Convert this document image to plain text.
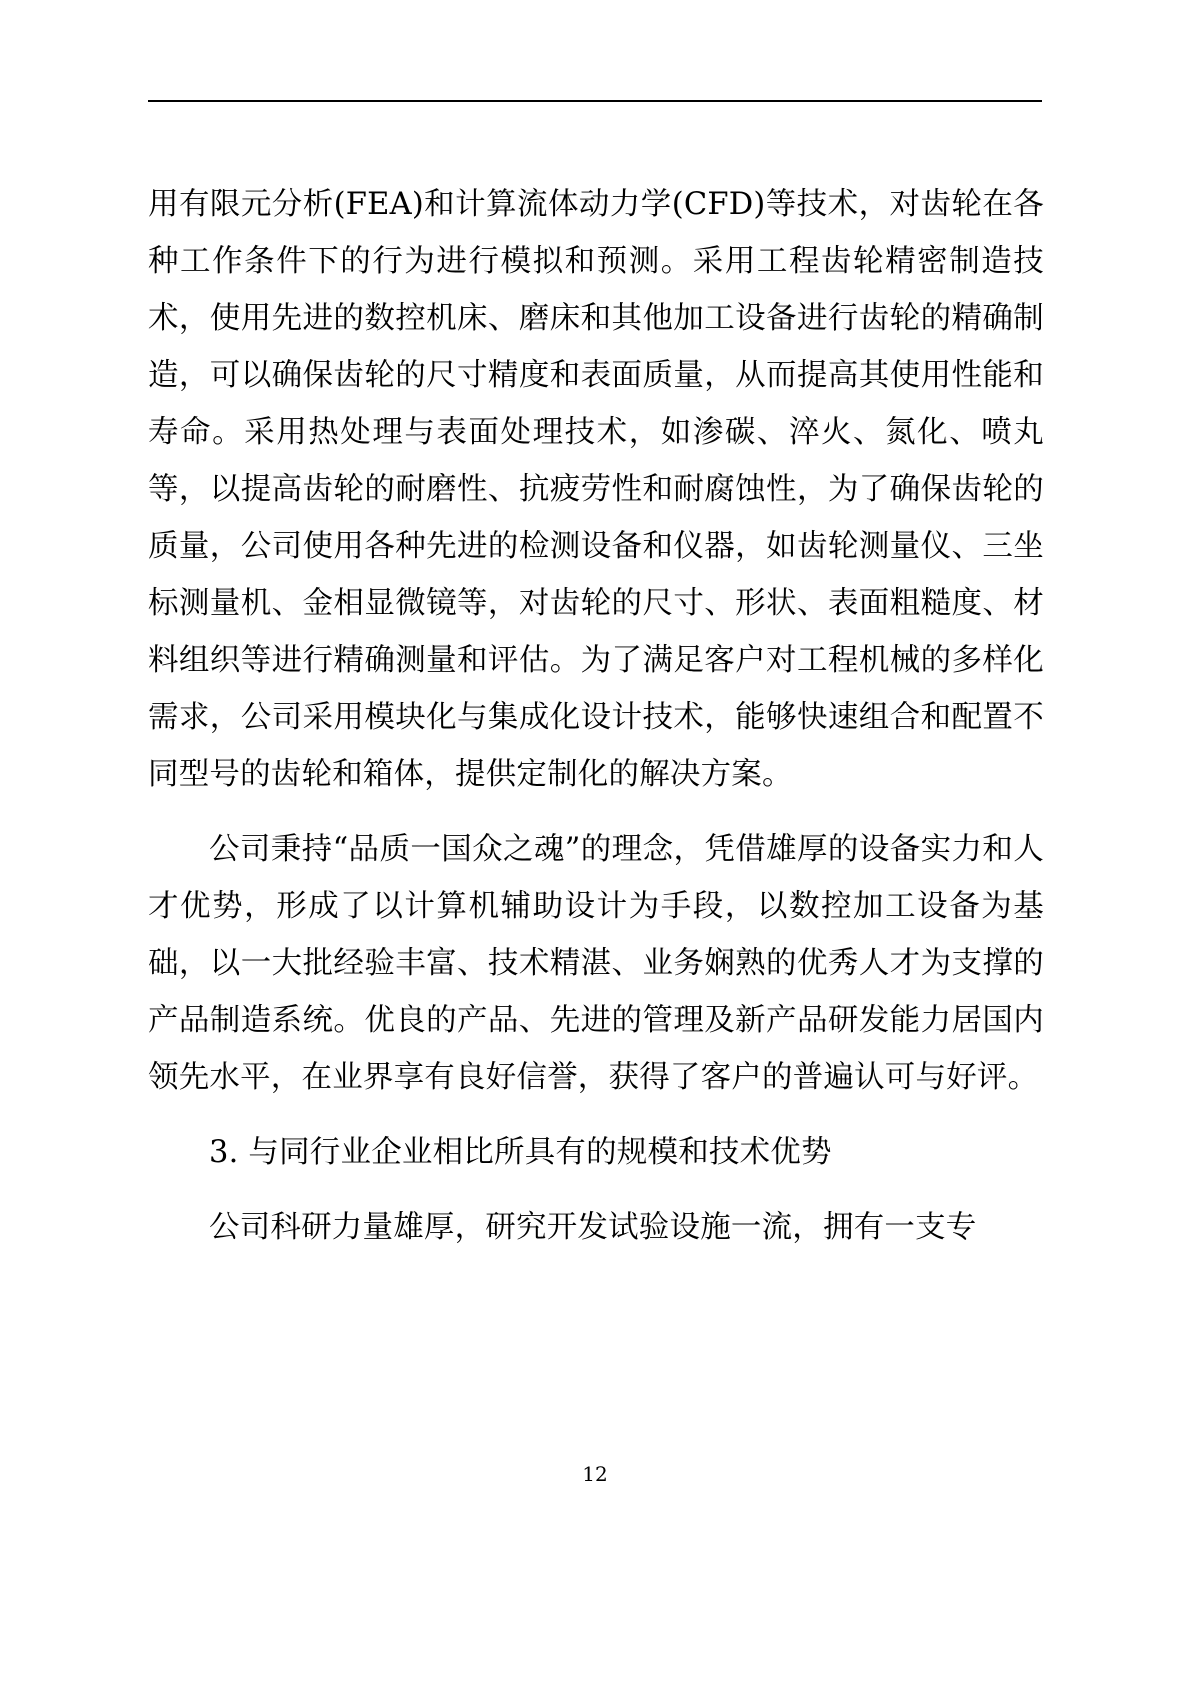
用有限元分析(FEA)和计算流体动力学(CFD)等技术，对齿轮在各种工作条件下的行为进行模拟和预测。采用工程齿轮精密制造技术，使用先进的数控机床、磨床和其他加工设备进行齿轮的精确制造，可以确保齿轮的尺寸精度和表面质量，从而提高其使用性能和寿命。采用热处理与表面处理技术，如渗碳、淬火、氮化、喷丸等，以提高齿轮的耐磨性、抗疲劳性和耐腐蚀性，为了确保齿轮的质量，公司使用各种先进的检测设备和仪器，如齿轮测量仪、三坐标测量机、金相显微镜等，对齿轮的尺寸、形状、表面粗糙度、材料组织等进行精确测量和评估。为了满足客户对工程机械的多样化需求，公司采用模块化与集成化设计技术，能够快速组合和配置不同型号的齿轮和箱体，提供定制化的解决方案。

公司秉持“品质一国众之魂”的理念，凭借雄厚的设备实力和人才优势，形成了以计算机辅助设计为手段，以数控加工设备为基础，以一大批经验丰富、技术精湛、业务娴熟的优秀人才为支撑的产品制造系统。优良的产品、先进的管理及新产品研发能力居国内领先水平，在业界享有良好信誉，获得了客户的普遍认可与好评。

3. 与同行业企业相比所具有的规模和技术优势

公司科研力量雄厚，研究开发试验设施一流，拥有一支专

12
